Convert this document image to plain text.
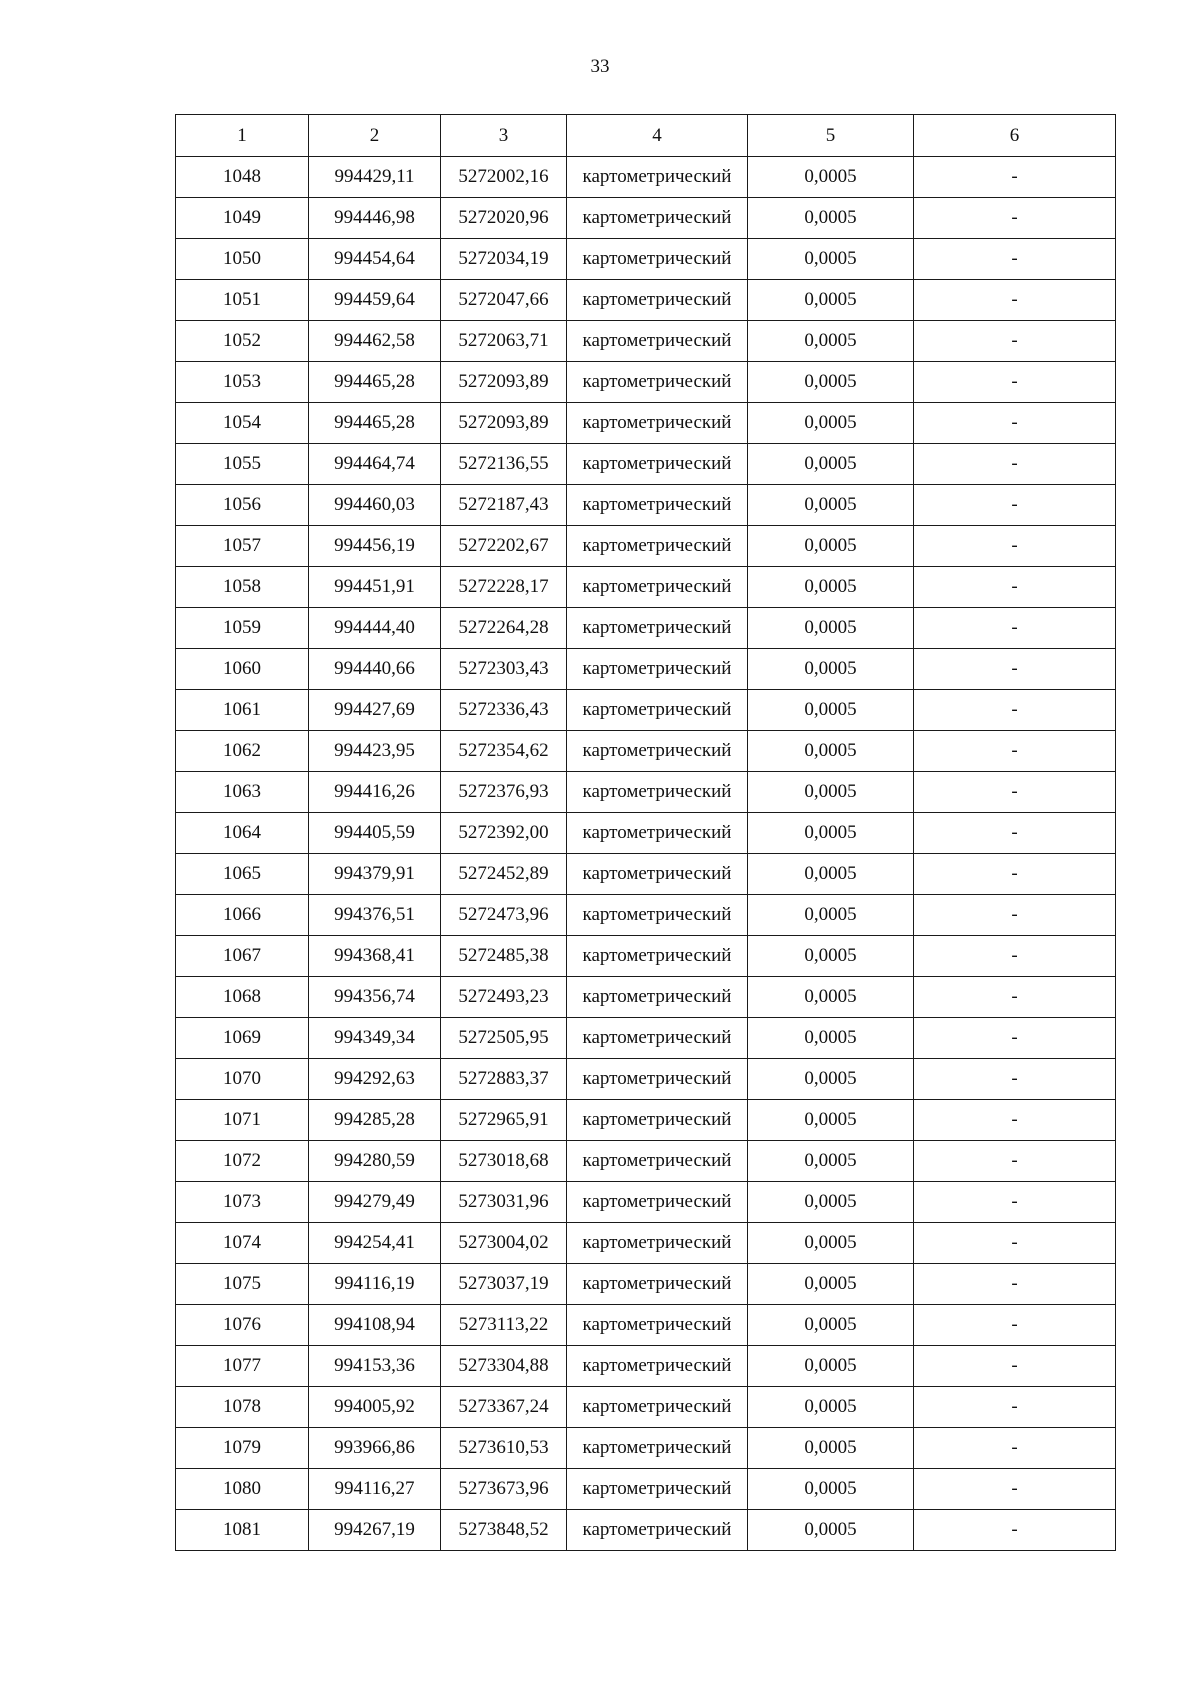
33
1	2	3	4	5	6
1048	994429,11	5272002,16	картометрический	0,0005	-
1049	994446,98	5272020,96	картометрический	0,0005	-
1050	994454,64	5272034,19	картометрический	0,0005	-
1051	994459,64	5272047,66	картометрический	0,0005	-
1052	994462,58	5272063,71	картометрический	0,0005	-
1053	994465,28	5272093,89	картометрический	0,0005	-
1054	994465,28	5272093,89	картометрический	0,0005	-
1055	994464,74	5272136,55	картометрический	0,0005	-
1056	994460,03	5272187,43	картометрический	0,0005	-
1057	994456,19	5272202,67	картометрический	0,0005	-
1058	994451,91	5272228,17	картометрический	0,0005	-
1059	994444,40	5272264,28	картометрический	0,0005	-
1060	994440,66	5272303,43	картометрический	0,0005	-
1061	994427,69	5272336,43	картометрический	0,0005	-
1062	994423,95	5272354,62	картометрический	0,0005	-
1063	994416,26	5272376,93	картометрический	0,0005	-
1064	994405,59	5272392,00	картометрический	0,0005	-
1065	994379,91	5272452,89	картометрический	0,0005	-
1066	994376,51	5272473,96	картометрический	0,0005	-
1067	994368,41	5272485,38	картометрический	0,0005	-
1068	994356,74	5272493,23	картометрический	0,0005	-
1069	994349,34	5272505,95	картометрический	0,0005	-
1070	994292,63	5272883,37	картометрический	0,0005	-
1071	994285,28	5272965,91	картометрический	0,0005	-
1072	994280,59	5273018,68	картометрический	0,0005	-
1073	994279,49	5273031,96	картометрический	0,0005	-
1074	994254,41	5273004,02	картометрический	0,0005	-
1075	994116,19	5273037,19	картометрический	0,0005	-
1076	994108,94	5273113,22	картометрический	0,0005	-
1077	994153,36	5273304,88	картометрический	0,0005	-
1078	994005,92	5273367,24	картометрический	0,0005	-
1079	993966,86	5273610,53	картометрический	0,0005	-
1080	994116,27	5273673,96	картометрический	0,0005	-
1081	994267,19	5273848,52	картометрический	0,0005	-
